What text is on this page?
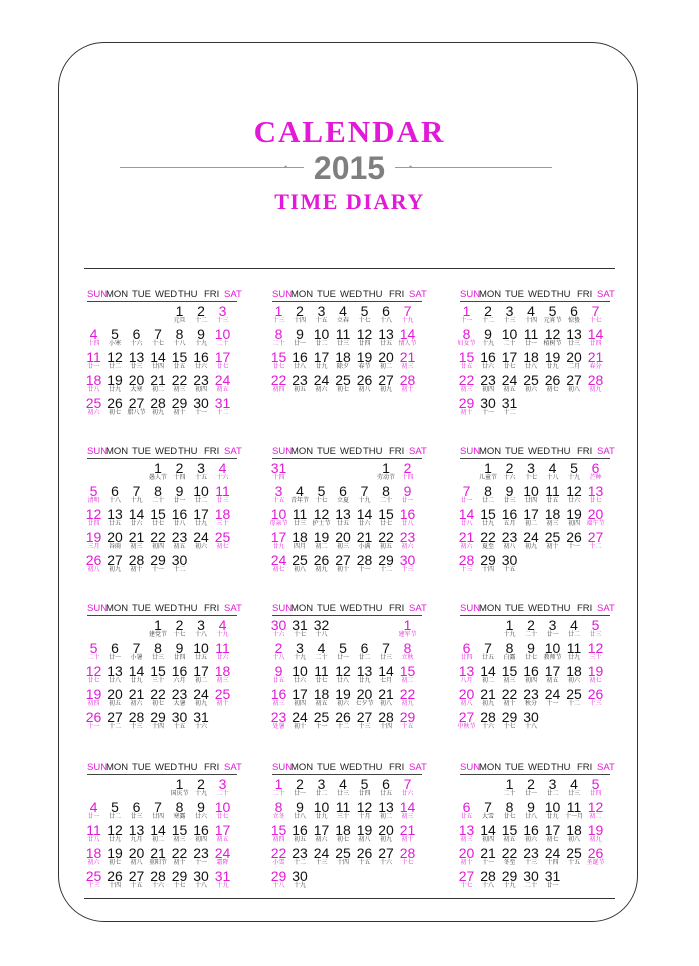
CALENDAR
•	•
2015
TIME DIARY
SUN
MON TUE WED THU FRI SAT
1
元旦
2
十二
3
十三
4
十四
5
小寒
6
十六
7
十七
8
十八
9
十九
10
二十
11
廿一
12
廿二
13
廿三
14
廿四
15
廿五
16
廿六
17
廿七
18
廿八
19
廿九
20
大寒
21
初二
22
初三
23
初四
24
初五
25
初六
26
初七
27
腊八节
28
初九
29
初十
30
十一
31
十二
SUN
MON TUE WED THU FRI SAT
1
十三
2
十四
3
十五
4
立春
5
十七
6
十八
7
十九
8
二十
9
廿一
10
廿二
11
廿三
12
廿四
13
廿五
14
情人节
15
廿七
16
廿八
17
廿九
18
除夕
19
春节
20
初二
21
初三
22
初四
23
初五
24
初六
25
初七
26
初八
27
初九
28
初十
SUN
MON TUE WED THU FRI SAT
1
十一
2
十二
3
十三
4
十四
5
元宵节
6
惊蛰
7
十七
8
妇女节
9
十九
10
二十
11
廿一
12
植树节
13
廿三
14
廿四
15
廿五
16
廿六
17
廿七
18
廿八
19
廿九
20
二月
21
春分
22
初三
23
初四
24
初五
25
初六
26
初七
27
初八
28
初九
29
初十
30
十一
31
十二
SUN
MON TUE WED THU FRI SAT
1
愚人节
2
十四
3
十五
4
十六
5
清明
6
十八
7
十九
8
二十
9
廿一
10
廿二
11
廿三
12
廿四
13
廿五
14
廿六
15
廿七
16
廿八
17
廿九
18
三十
19
三月
20
谷雨
21
初三
22
初四
23
初五
24
初六
25
初七
26
初八
27
初九
28
初十
29
十一
30
十二
SUN
MON TUE WED THU FRI SAT
1
劳动节
2
十四
3
十五
4
青年节
5
十七
6
立夏
7
十九
8
二十
9
廿一
10
母亲节
11
廿三
12
护士节
13
廿五
14
廿六
15
廿七
16
廿八
17
廿九
18
四月
19
初二
20
初三
21
小满
22
初五
23
初六
24
初七
25
初八
26
初九
27
初十
28
十一
29
十二
30
十三
31
十四
SUN
MON TUE WED THU FRI SAT
1
儿童节
2
十六
3
十七
4
十八
5
十九
6
芒种
7
廿一
8
廿二
9
廿三
10
廿四
11
廿五
12
廿六
13
廿七
14
廿八
15
廿九
16
五月
17
初二
18
初三
19
初四
20
端午节
21
初六
22
夏至
23
初八
24
初九
25
初十
26
十一
27
十二
28
十三
29
十四
30
十五
SUN
MON TUE WED THU FRI SAT
1
建党节
2
十七
3
十八
4
十九
5
二十
6
廿一
7
小暑
8
廿三
9
廿四
10
廿五
11
廿六
12
廿七
13
廿八
14
廿九
15
三十
16
六月
17
初二
18
初三
19
初四
20
初五
21
初六
22
初七
23
大暑
24
初九
25
初十
26
十一
27
十二
28
十三
29
十四
30
十五
31
十六
SUN
MON TUE WED THU FRI SAT
1
建军节
2
十八
3
十九
4
二十
5
廿一
6
廿二
7
廿三
8
立秋
9
廿五
10
廿六
11
廿七
12
廿八
13
廿九
14
七月
15
初二
16
初三
17
初四
18
初五
19
初六
20
七夕节
21
初八
22
初九
23
处暑
24
初十
25
十一
26
十二
27
十三
28
十四
29
十五
30
十六
31
十七
32
十八
SUN
MON TUE WED THU FRI SAT
1
十九
2
二十
3
廿一
4
廿二
5
廿三
6
廿四
7
廿五
8
白露
9
廿七
10
教师节
11
廿九
12
三十
13
八月
14
初二
15
初三
16
初四
17
初五
18
初六
19
初七
20
初八
21
初九
22
初十
23
秋分
24
十一
25
十二
26
十三
27
中秋节
28
十六
29
十七
30
十八
SUN
MON TUE WED THU FRI SAT
1
国庆节
2
十九
3
二十
4
廿一
5
廿二
6
廿三
7
廿四
8
寒露
9
廿六
10
廿七
11
廿八
12
廿九
13
九月
14
初二
15
初三
16
初四
17
初五
18
初六
19
初七
20
初八
21
重阳节
22
初十
23
十一
24
霜降
25
十三
26
十四
27
十五
28
十六
29
十七
30
十八
31
十九
SUN
MON TUE WED THU FRI SAT
1
二十
2
廿一
3
廿二
4
廿三
5
廿四
6
廿五
7
廿六
8
立冬
9
廿八
10
廿九
11
三十
12
十月
13
初二
14
初三
15
初四
16
初五
17
初六
18
初七
19
初八
20
初九
21
初十
22
小雪
23
十二
24
十三
25
十四
26
十五
27
十六
28
十七
29
十八
30
十九
SUN
MON TUE WED THU FRI SAT
1
二十
2
廿一
3
廿二
4
廿三
5
廿四
6
廿五
7
大雪
8
廿七
9
廿八
10
廿九
11
十一月
12
初二
13
初三
14
初四
15
初五
16
初六
17
初七
18
初八
19
初九
20
初十
21
十一
22
冬至
23
十三
24
十四
25
十五
26
圣诞节
27
十七
28
十八
29
十九
30
二十
31
廿一
